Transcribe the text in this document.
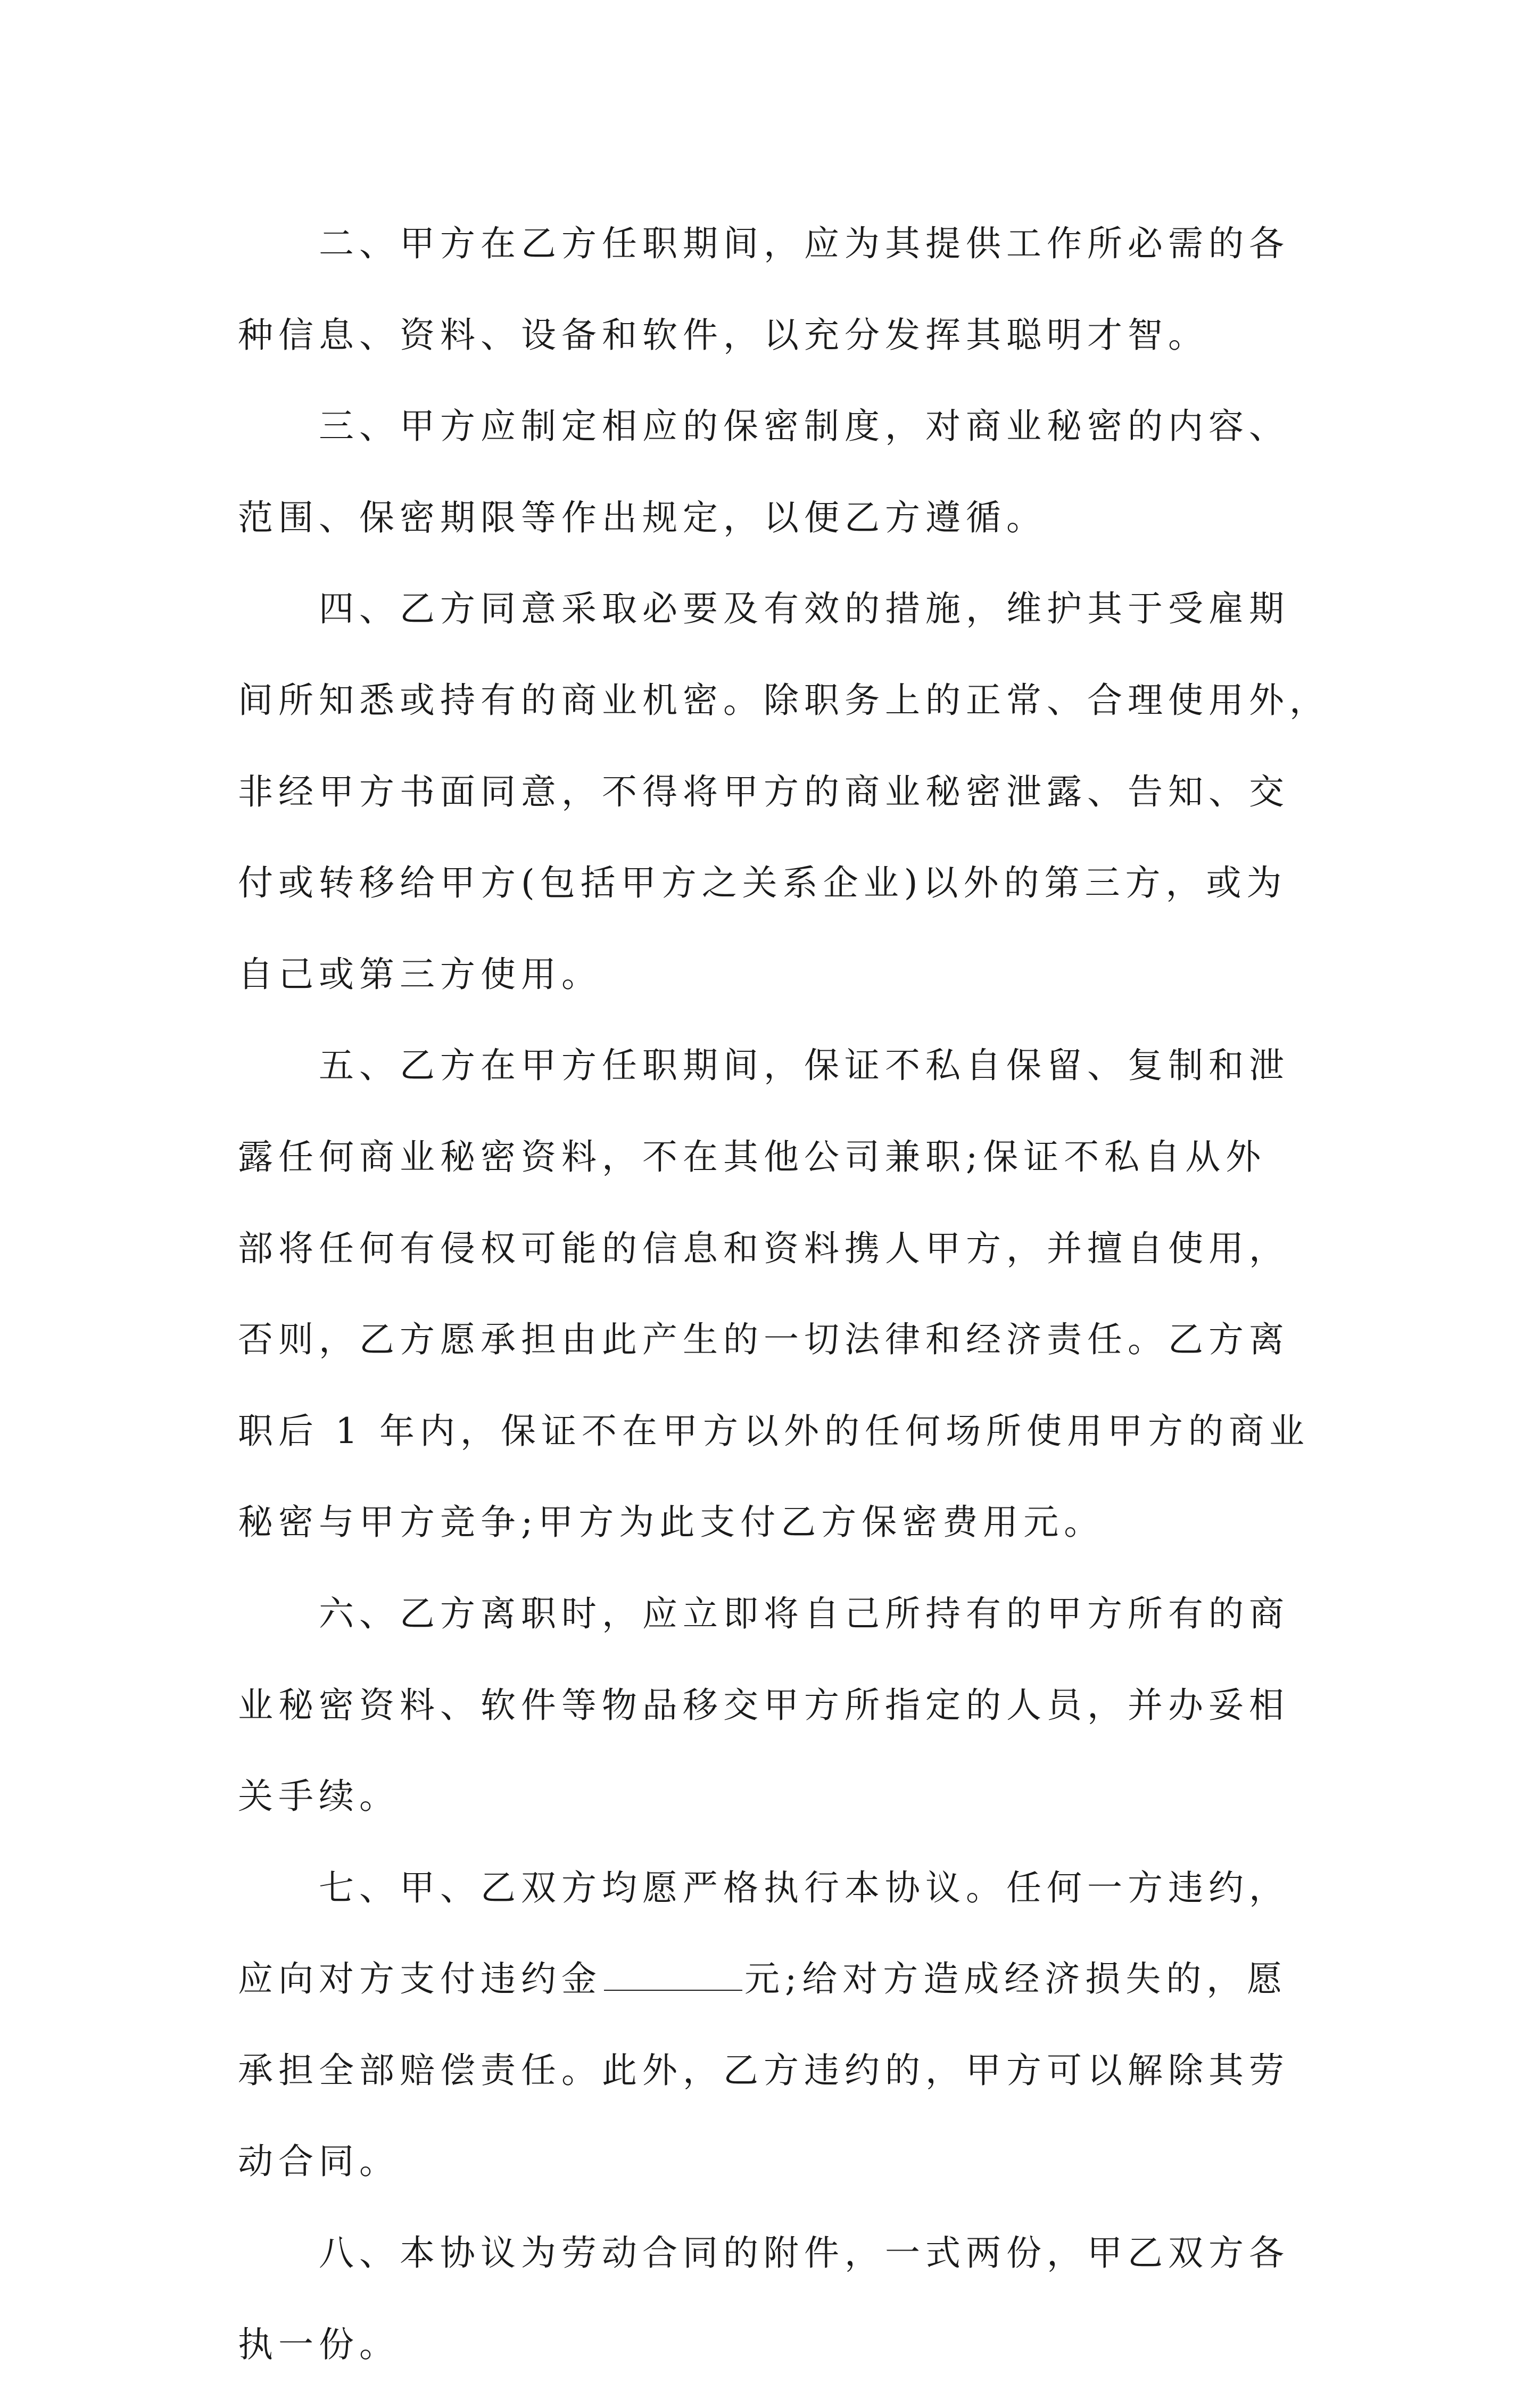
二、甲方在乙方任职期间，应为其提供工作所必需的各
种信息、资料、设备和软件，以充分发挥其聪明才智。

三、甲方应制定相应的保密制度，对商业秘密的内容、
范围、保密期限等作出规定，以便乙方遵循。

四、乙方同意采取必要及有效的措施，维护其于受雇期
间所知悉或持有的商业机密。除职务上的正常、合理使用外，
非经甲方书面同意，不得将甲方的商业秘密泄露、告知、交
付或转移给甲方(包括甲方之关系企业)以外的第三方，或为
自己或第三方使用。

五、乙方在甲方任职期间，保证不私自保留、复制和泄
露任何商业秘密资料，不在其他公司兼职;保证不私自从外
部将任何有侵权可能的信息和资料携人甲方，并擅自使用，
否则，乙方愿承担由此产生的一切法律和经济责任。乙方离
职后 1 年内，保证不在甲方以外的任何场所使用甲方的商业
秘密与甲方竞争;甲方为此支付乙方保密费用元。

六、乙方离职时，应立即将自己所持有的甲方所有的商
业秘密资料、软件等物品移交甲方所指定的人员，并办妥相
关手续。

七、甲、乙双方均愿严格执行本协议。任何一方违约，
应向对方支付违约金	元;给对方造成经济损失的，愿
承担全部赔偿责任。此外，乙方违约的，甲方可以解除其劳
动合同。

八、本协议为劳动合同的附件，一式两份，甲乙双方各
执一份。
